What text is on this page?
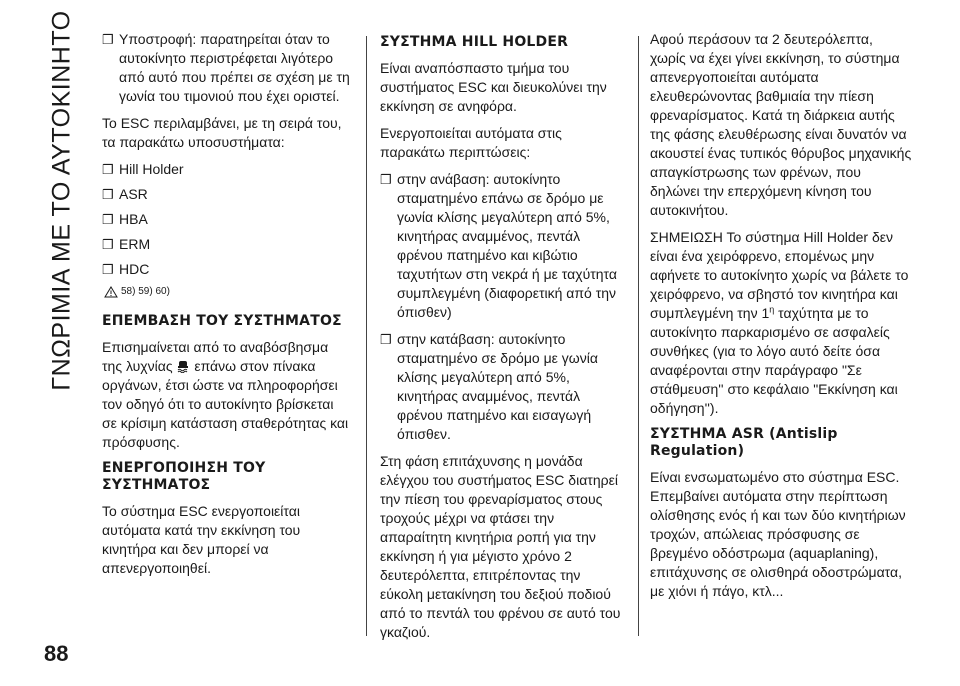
ΓΝΩΡΙΜΙΑ ΜΕ ΤΟ ΑΥΤΟΚΙΝΗΤΟ ❒ Υποστροφή: παρατηρείται όταν το αυτοκίνητο περιστρέφεται λιγότερο από αυτό που πρέπει σε σχέση με τη γωνία του τιμονιού που έχει οριστεί.

Το ESC περιλαμβάνει, με τη σειρά του, τα παρακάτω υποσυστήματα:

❒ Hill Holder
❒ ASR
❒ HBA
❒ ERM
❒ HDC
58) 59) 60)
ΕΠΕΜΒΑΣΗ ΤΟΥ ΣΥΣΤΗΜΑΤΟΣ

Επισημαίνεται από το αναβόσβησμα της λυχνίας επάνω στον πίνακα οργάνων, έτσι ώστε να πληροφορήσει τον οδηγό ότι το αυτοκίνητο βρίσκεται σε κρίσιμη κατάσταση σταθερότητας και πρόσφυσης.

ΕΝΕΡΓΟΠΟΙΗΣΗ ΤΟΥ ΣΥΣΤΗΜΑΤΟΣ

Το σύστημα ESC ενεργοποιείται αυτόματα κατά την εκκίνηση του κινητήρα και δεν μπορεί να απενεργοποιηθεί.

ΣΥΣΤΗΜΑ HILL HOLDER

Είναι αναπόσπαστο τμήμα του συστήματος ESC και διευκολύνει την εκκίνηση σε ανηφόρα.

Ενεργοποιείται αυτόματα στις παρακάτω περιπτώσεις:

❒ στην ανάβαση: αυτοκίνητο σταματημένο επάνω σε δρόμο με γωνία κλίσης μεγαλύτερη από 5%, κινητήρας αναμμένος, πεντάλ φρένου πατημένο και κιβώτιο ταχυτήτων στη νεκρά ή με ταχύτητα συμπλεγμένη (διαφορετική από την όπισθεν)
❒ στην κατάβαση: αυτοκίνητο σταματημένο σε δρόμο με γωνία κλίσης μεγαλύτερη από 5%, κινητήρας αναμμένος, πεντάλ φρένου πατημένο και εισαγωγή όπισθεν.

Στη φάση επιτάχυνσης η μονάδα ελέγχου του συστήματος ESC διατηρεί την πίεση του φρεναρίσματος στους τροχούς μέχρι να φτάσει την απαραίτητη κινητήρια ροπή για την εκκίνηση ή για μέγιστο χρόνο 2 δευτερόλεπτα, επιτρέποντας την εύκολη μετακίνηση του δεξιού ποδιού από το πεντάλ του φρένου σε αυτό του γκαζιού.

Αφού περάσουν τα 2 δευτερόλεπτα, χωρίς να έχει γίνει εκκίνηση, το σύστημα απενεργοποιείται αυτόματα ελευθερώνοντας βαθμιαία την πίεση φρεναρίσματος. Κατά τη διάρκεια αυτής της φάσης ελευθέρωσης είναι δυνατόν να ακουστεί ένας τυπικός θόρυβος μηχανικής απαγκίστρωσης των φρένων, που δηλώνει την επερχόμενη κίνηση του αυτοκινήτου.

ΣΗΜΕΙΩΣΗ Το σύστημα Hill Holder δεν είναι ένα χειρόφρενο, επομένως μην αφήνετε το αυτοκίνητο χωρίς να βάλετε το χειρόφρενο, να σβηστό τον κινητήρα και συμπλεγμένη την $1^\eta$ ταχύτητα με το αυτοκίνητο παρκαρισμένο σε ασφαλείς συνθήκες (για το λόγο αυτό δείτε όσα αναφέρονται στην παράγραφο "Σε στάθμευση'' στο κεφάλαιο "Εκκίνηση και οδήγηση'').

ΣΥΣΤΗΜΑ ASR (Antislip Regulation)

Είναι ενσωματωμένο στο σύστημα ESC. Επεμβαίνει αυτόματα στην περίπτωση ολίσθησης ενός ή και των δύο κινητήριων τροχών, απώλειας πρόσφυσης σε βρεγμένο οδόστρωμα (aquaplaning), επιτάχυνσης σε ολισθηρά οδοστρώματα, με χιόνι ή πάγο, κτλ...

88
